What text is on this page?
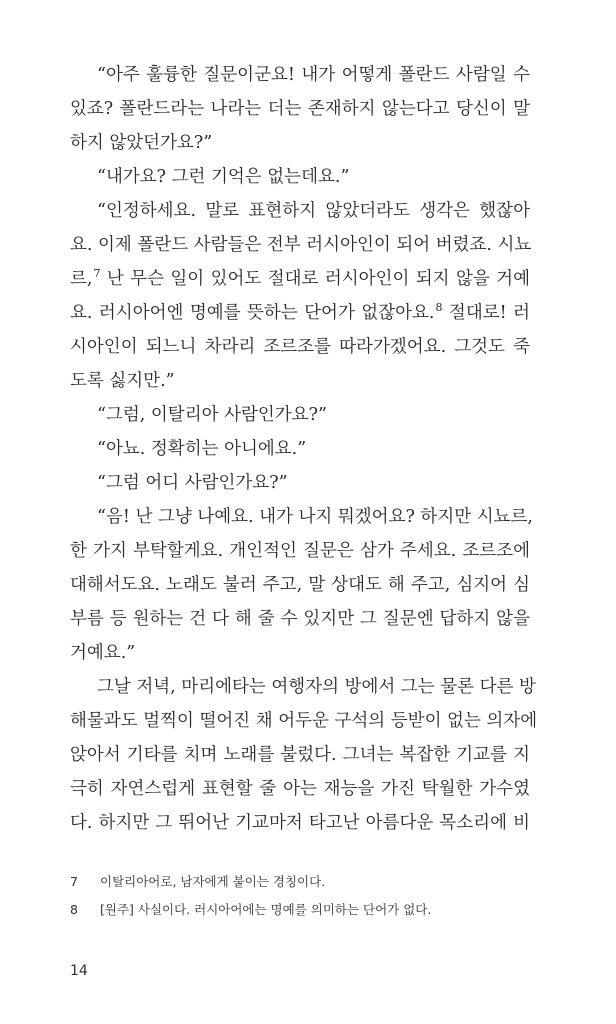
“아주 훌륭한 질문이군요! 내가 어떻게 폴란드 사람일 수
있죠? 폴란드라는 나라는 더는 존재하지 않는다고 당신이 말
하지 않았던가요?”
“내가요? 그런 기억은 없는데요.”
“인정하세요. 말로 표현하지 않았더라도 생각은 했잖아
요. 이제 폴란드 사람들은 전부 러시아인이 되어 버렸죠. 시뇨
르,$^7$ 난 무슨 일이 있어도 절대로 러시아인이 되지 않을 거예
요. 러시아어엔 명예를 뜻하는 단어가 없잖아요.$^8$ 절대로! 러
시아인이 되느니 차라리 조르조를 따라가겠어요. 그것도 죽
도록 싫지만.”
“그럼, 이탈리아 사람인가요?”
“아뇨. 정확히는 아니에요.”
“그럼 어디 사람인가요?”
“음! 난 그냥 나예요. 내가 나지 뭐겠어요? 하지만 시뇨르,
한 가지 부탁할게요. 개인적인 질문은 삼가 주세요. 조르조에
대해서도요. 노래도 불러 주고, 말 상대도 해 주고, 심지어 심
부름 등 원하는 건 다 해 줄 수 있지만 그 질문엔 답하지 않을
거예요.”
그날 저녁, 마리에타는 여행자의 방에서 그는 물론 다른 방
해물과도 멀찍이 떨어진 채 어두운 구석의 등받이 없는 의자에
앉아서 기타를 치며 노래를 불렀다. 그녀는 복잡한 기교를 지
극히 자연스럽게 표현할 줄 아는 재능을 가진 탁월한 가수였
다. 하지만 그 뛰어난 기교마저 타고난 아름다운 목소리에 비
7	이탈리아어로, 남자에게 붙이는 경칭이다.
8	[원주] 사실이다. 러시아어에는 명예를 의미하는 단어가 없다.
14
